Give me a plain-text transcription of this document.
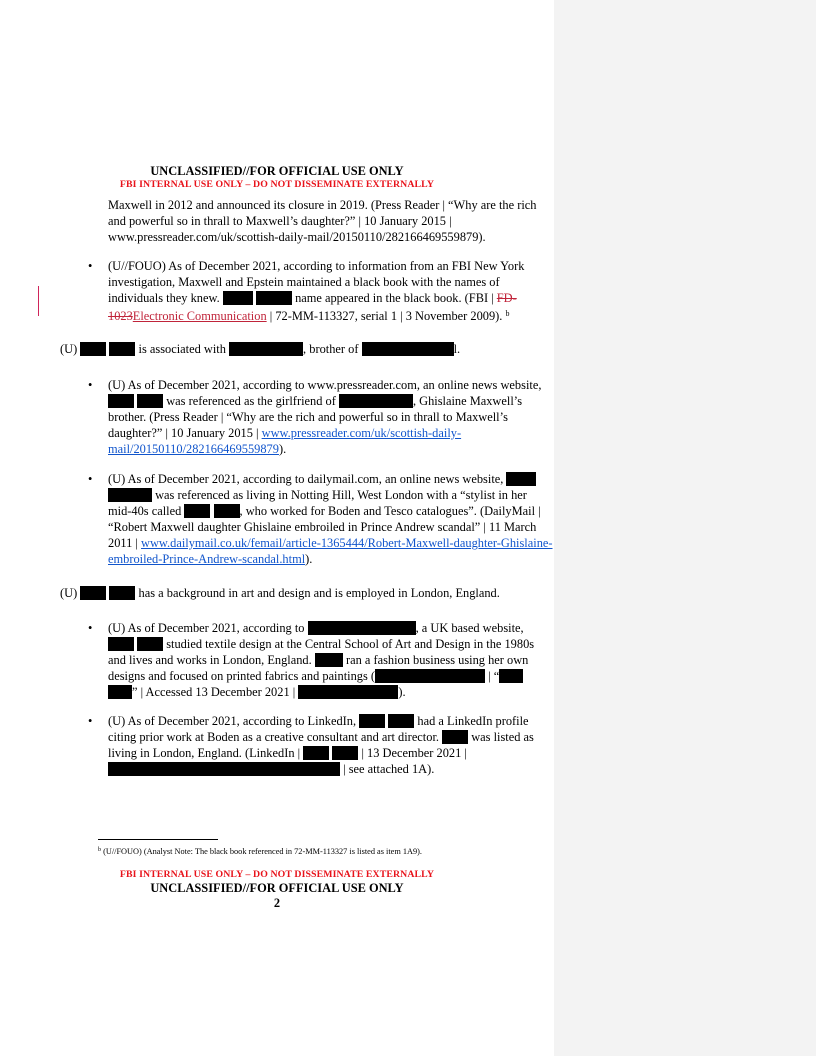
UNCLASSIFIED//FOR OFFICIAL USE ONLY
FBI INTERNAL USE ONLY – DO NOT DISSEMINATE EXTERNALLY
Maxwell in 2012 and announced its closure in 2019. (Press Reader | “Why are the rich
and powerful so in thrall to Maxwell’s daughter?” | 10 January 2015 |
www.pressreader.com/uk/scottish-daily-mail/20150110/282166469559879).
• (U//FOUO) As of December 2021, according to information from an FBI New York
investigation, Maxwell and Epstein maintained a black book with the names of
individuals they knew.	name appeared in the black book. (FBI | FD-
1023Electronic Communication | 72-MM-113327, serial 1 | 3 November 2009). $^b$
(U)	is associated with	, brother of	l.
• (U) As of December 2021, according to www.pressreader.com, an online news website,
was referenced as the girlfriend of	, Ghislaine Maxwell’s
brother. (Press Reader | “Why are the rich and powerful so in thrall to Maxwell’s
daughter?” | 10 January 2015 | www.pressreader.com/uk/scottish-daily-
mail/20150110/282166469559879).
• (U) As of December 2021, according to dailymail.com, an online news website,
was referenced as living in Notting Hill, West London with a “stylist in her
mid-40s called	, who worked for Boden and Tesco catalogues”. (DailyMail |
“Robert Maxwell daughter Ghislaine embroiled in Prince Andrew scandal” | 11 March
2011 | www.dailymail.co.uk/femail/article-1365444/Robert-Maxwell-daughter-Ghislaine-
embroiled-Prince-Andrew-scandal.html).
(U)	has a background in art and design and is employed in London, England.
• (U) As of December 2021, according to	, a UK based website,
studied textile design at the Central School of Art and Design in the 1980s
and lives and works in London, England.	ran a fashion business using her own
designs and focused on printed fabrics and paintings (	| “
” | Accessed 13 December 2021 |	).
• (U) As of December 2021, according to LinkedIn,	had a LinkedIn profile
citing prior work at Boden as a creative consultant and art director.	was listed as
living in London, England. (LinkedIn |	| 13 December 2021 |
| see attached 1A).
$^b$ (U//FOUO) (Analyst Note: The black book referenced in 72-MM-113327 is listed as item 1A9).
FBI INTERNAL USE ONLY – DO NOT DISSEMINATE EXTERNALLY
UNCLASSIFIED//FOR OFFICIAL USE ONLY
2
